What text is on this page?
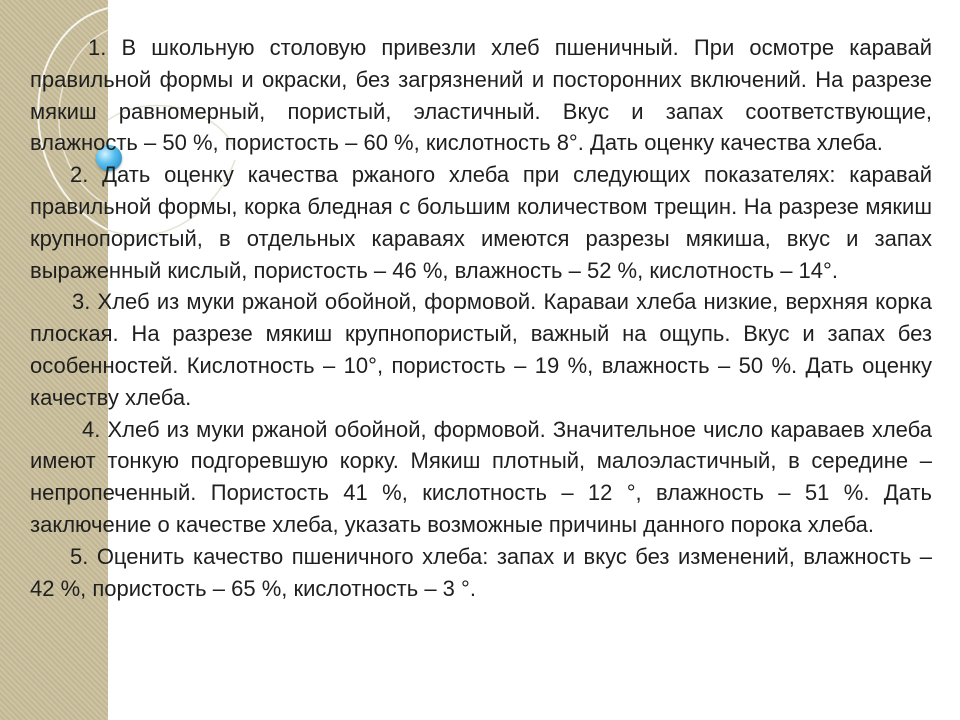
1. В школьную столовую привезли хлеб пшеничный. При осмотре каравай правильной формы и окраски, без загрязнений и посторонних включений. На разрезе мякиш равномерный, пористый, эластичный. Вкус и запах соответствующие, влажность – 50 %, пористость – 60 %, кислотность 8°. Дать оценку качества хлеба.

2. Дать оценку качества ржаного хлеба при следующих показателях: каравай правильной формы, корка бледная с большим количеством трещин. На разрезе мякиш крупнопористый, в отдельных караваях имеются разрезы мякиша, вкус и запах выраженный кислый, пористость – 46 %, влажность – 52 %, кислотность – 14°.

3. Хлеб из муки ржаной обойной, формовой. Караваи хлеба низкие, верхняя корка плоская. На разрезе мякиш крупнопористый, важный на ощупь. Вкус и запах без особенностей. Кислотность – 10°, пористость – 19 %, влажность – 50 %. Дать оценку качеству хлеба.

4. Хлеб из муки ржаной обойной, формовой. Значительное число караваев хлеба имеют тонкую подгоревшую корку. Мякиш плотный, малоэластичный, в середине – непропеченный. Пористость 41 %, кислотность – 12 °, влажность – 51 %. Дать заключение о качестве хлеба, указать возможные причины данного порока хлеба.

5. Оценить качество пшеничного хлеба: запах и вкус без изменений, влажность – 42 %, пористость – 65 %, кислотность – 3 °.
